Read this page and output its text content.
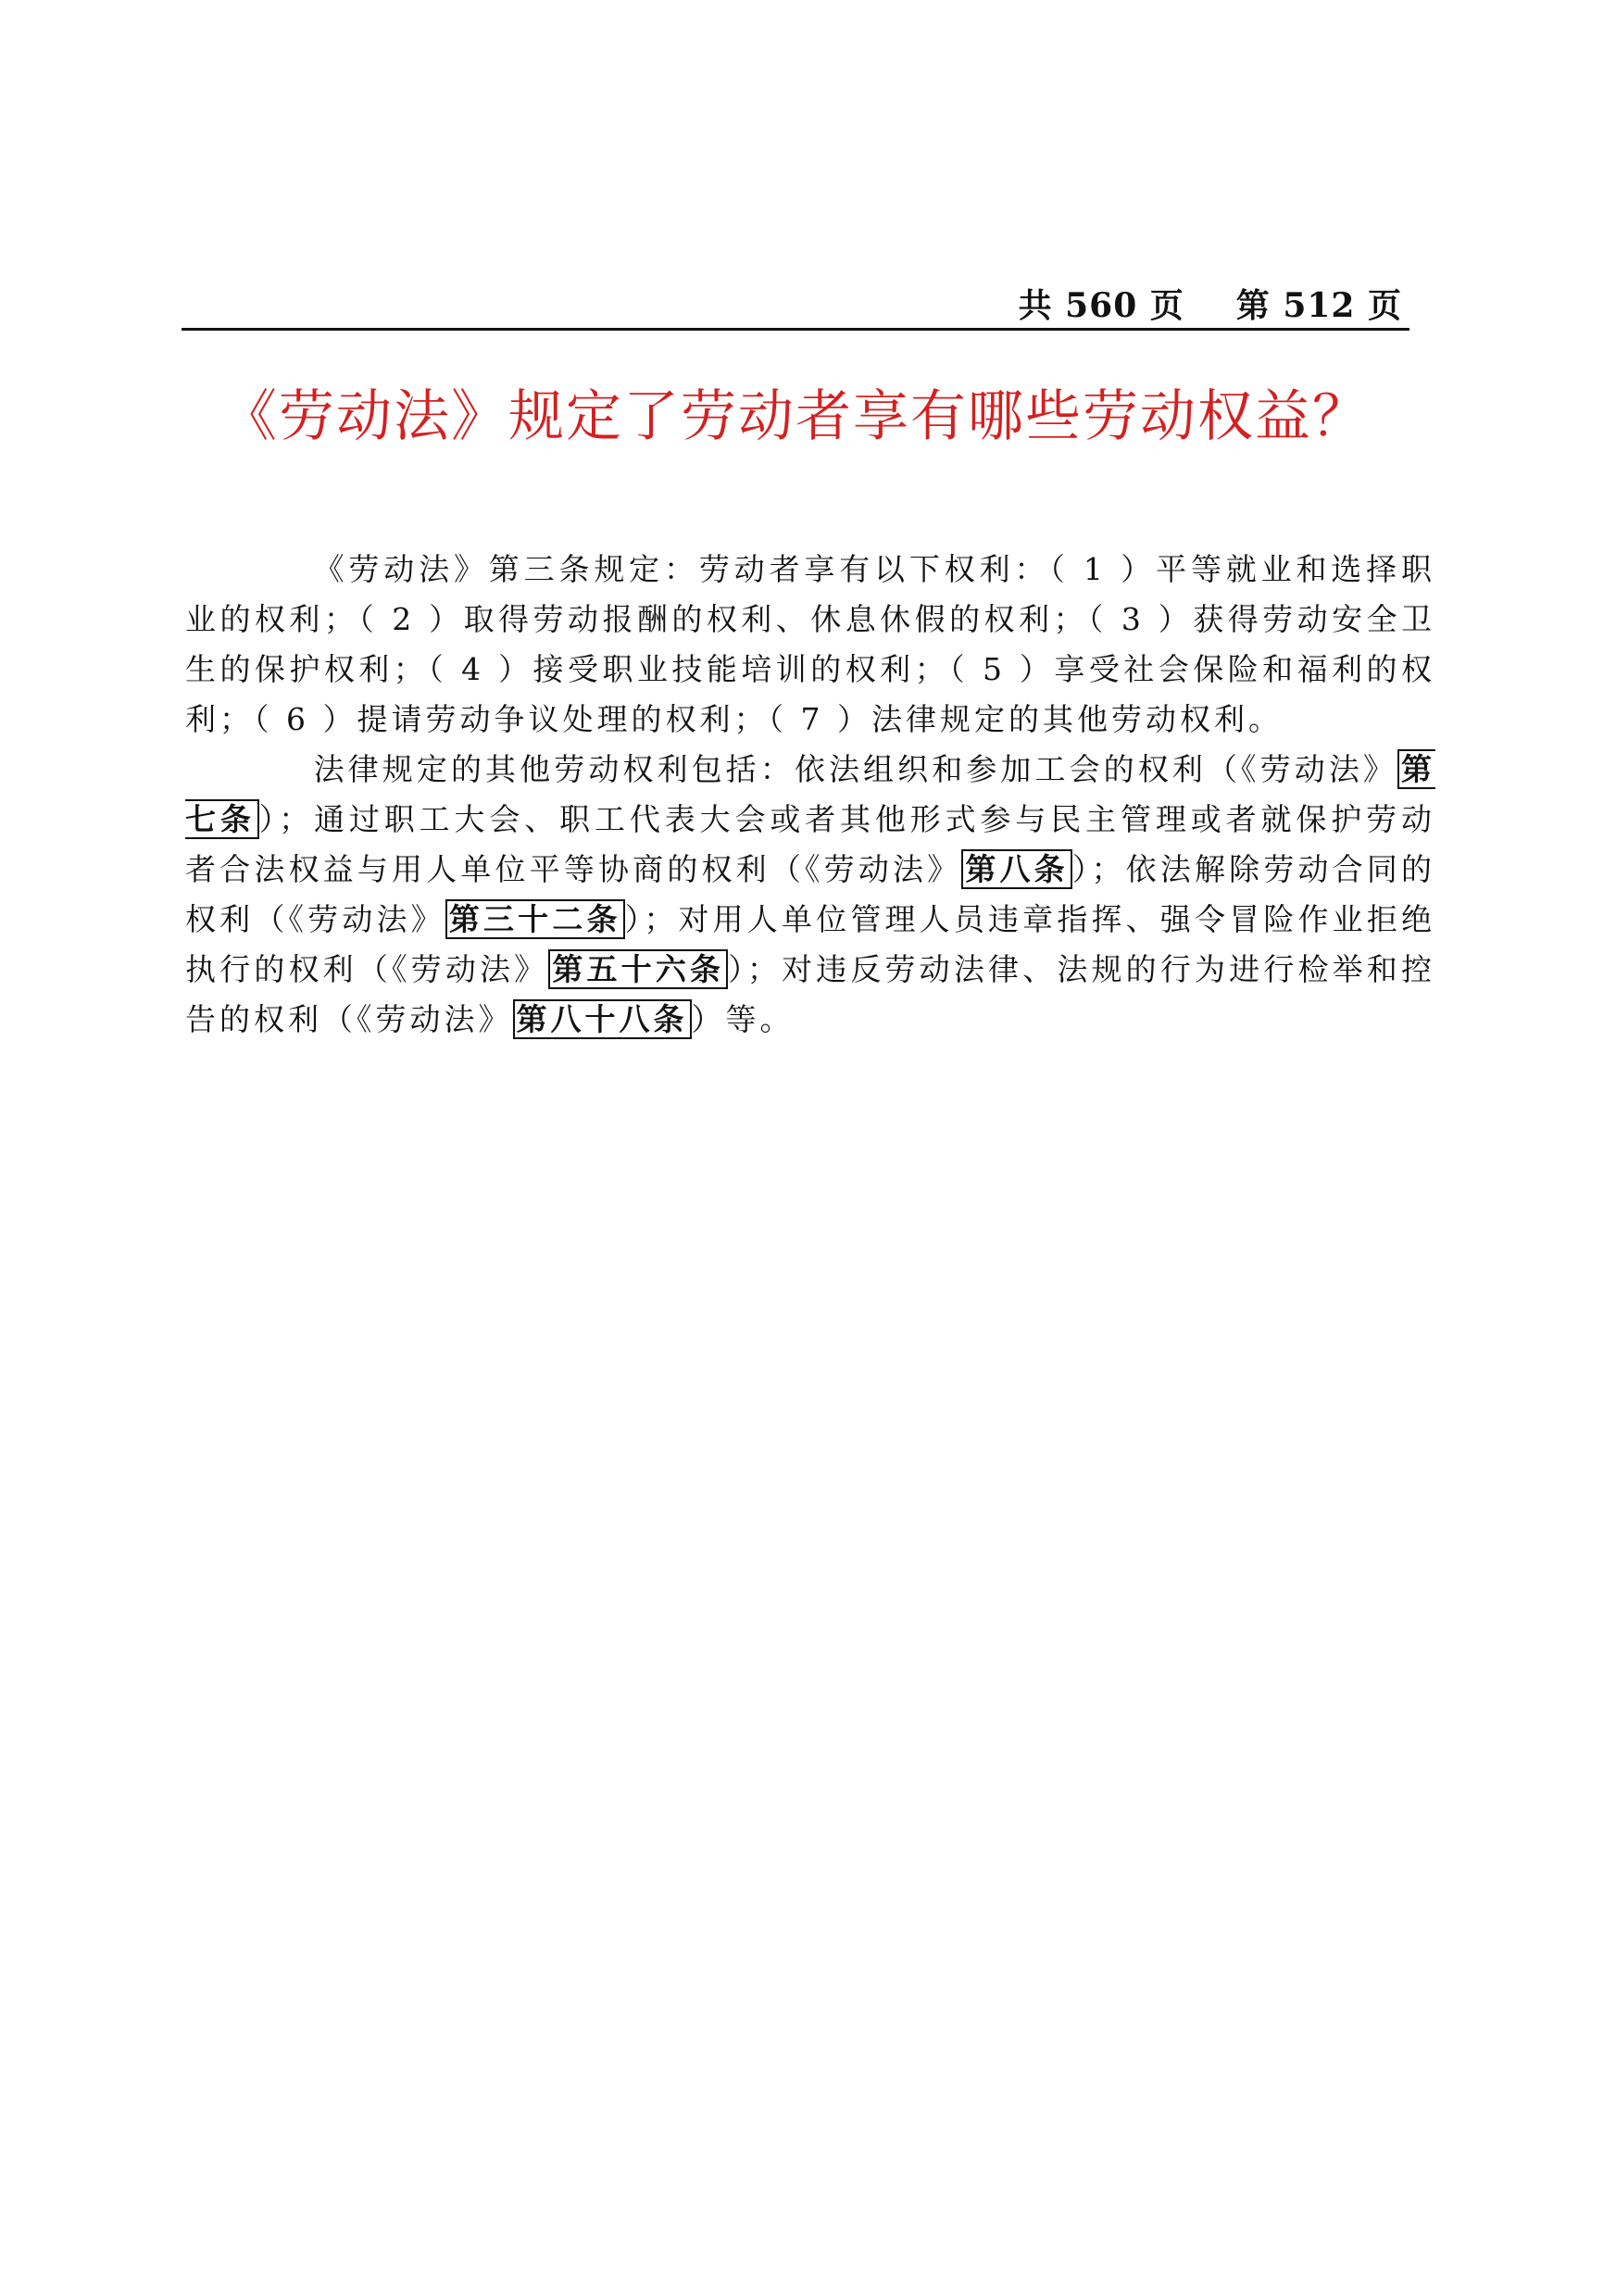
共 560 页 第 512 页
《劳动法》规定了劳动者享有哪些劳动权益？

《劳动法》第三条规定：劳动者享有以下权利：（ 1 ）平等就业和选择职业的权利；（ 2 ）取得劳动报酬的权利、休息休假的权利；（ 3 ）获得劳动安全卫生的保护权利；（ 4 ）接受职业技能培训的权利；（ 5 ）享受社会保险和福利的权利；（ 6 ）提请劳动争议处理的权利；（ 7 ）法律规定的其他劳动权利。

法律规定的其他劳动权利包括：依法组织和参加工会的权利（《劳动法》 第七条 ）；通过职工大会、职工代表大会或者其他形式参与民主管理或者就保护劳动者合法权益与用人单位平等协商的权利（《劳动法》 第八条 ）；依法解除劳动合同的权利（《劳动法》 第三十二条 ）；对用人单位管理人员违章指挥、强令冒险作业拒绝执行的权利（《劳动法》 第五十六条 ）；对违反劳动法律、法规的行为进行检举和控告的权利（《劳动法》 第八十八条 ）等。
